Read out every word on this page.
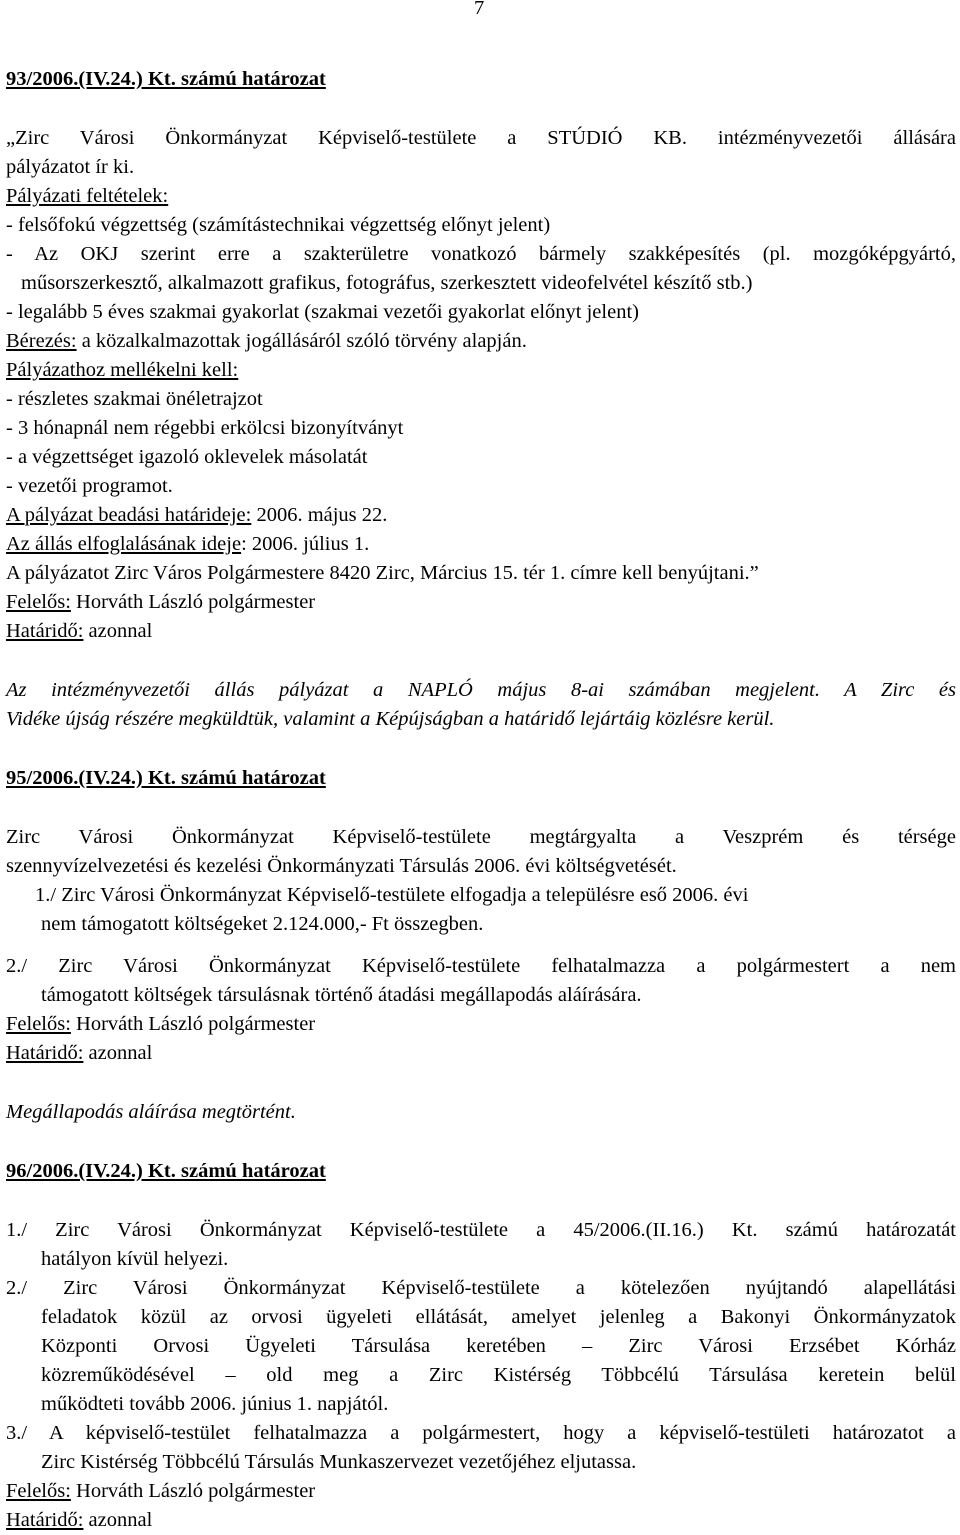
7
93/2006.(IV.24.) Kt. számú határozat
„Zirc Városi Önkormányzat Képviselő-testülete a STÚDIÓ KB. intézményvezetői állására
pályázatot ír ki.
Pályázati feltételek:
- felsőfokú végzettség (számítástechnikai végzettség előnyt jelent)
- Az OKJ szerint erre a szakterületre vonatkozó bármely szakképesítés (pl. mozgóképgyártó,
műsorszerkesztő, alkalmazott grafikus, fotográfus, szerkesztett videofelvétel készítő stb.)
- legalább 5 éves szakmai gyakorlat (szakmai vezetői gyakorlat előnyt jelent)
Bérezés: a közalkalmazottak jogállásáról szóló törvény alapján.
Pályázathoz mellékelni kell:
- részletes szakmai önéletrajzot
- 3 hónapnál nem régebbi erkölcsi bizonyítványt
- a végzettséget igazoló oklevelek másolatát
- vezetői programot.
A pályázat beadási határideje: 2006. május 22.
Az állás elfoglalásának ideje: 2006. július 1.
A pályázatot Zirc Város Polgármestere 8420 Zirc, Március 15. tér 1. címre kell benyújtani.”
Felelős: Horváth László polgármester
Határidő: azonnal
Az intézményvezetői állás pályázat a NAPLÓ május 8-ai számában megjelent. A Zirc és
Vidéke újság részére megküldtük, valamint a Képújságban a határidő lejártáig közlésre kerül.
95/2006.(IV.24.) Kt. számú határozat
Zirc Városi Önkormányzat Képviselő-testülete megtárgyalta a Veszprém és térsége
szennyvízelvezetési és kezelési Önkormányzati Társulás 2006. évi költségvetését.
1./ Zirc Városi Önkormányzat Képviselő-testülete elfogadja a településre eső 2006. évi
nem támogatott költségeket 2.124.000,- Ft összegben.
2./ Zirc Városi Önkormányzat Képviselő-testülete felhatalmazza a polgármestert a nem
támogatott költségek társulásnak történő átadási megállapodás aláírására.
Felelős: Horváth László polgármester
Határidő: azonnal
Megállapodás aláírása megtörtént.
96/2006.(IV.24.) Kt. számú határozat
1./ Zirc Városi Önkormányzat Képviselő-testülete a 45/2006.(II.16.) Kt. számú határozatát
hatályon kívül helyezi.
2./ Zirc Városi Önkormányzat Képviselő-testülete a kötelezően nyújtandó alapellátási
feladatok közül az orvosi ügyeleti ellátását, amelyet jelenleg a Bakonyi Önkormányzatok
Központi Orvosi Ügyeleti Társulása keretében – Zirc Városi Erzsébet Kórház
közreműködésével – old meg a Zirc Kistérség Többcélú Társulása keretein belül
működteti tovább 2006. június 1. napjától.
3./ A képviselő-testület felhatalmazza a polgármestert, hogy a képviselő-testületi határozatot a
Zirc Kistérség Többcélú Társulás Munkaszervezet vezetőjéhez eljutassa.
Felelős: Horváth László polgármester
Határidő: azonnal
